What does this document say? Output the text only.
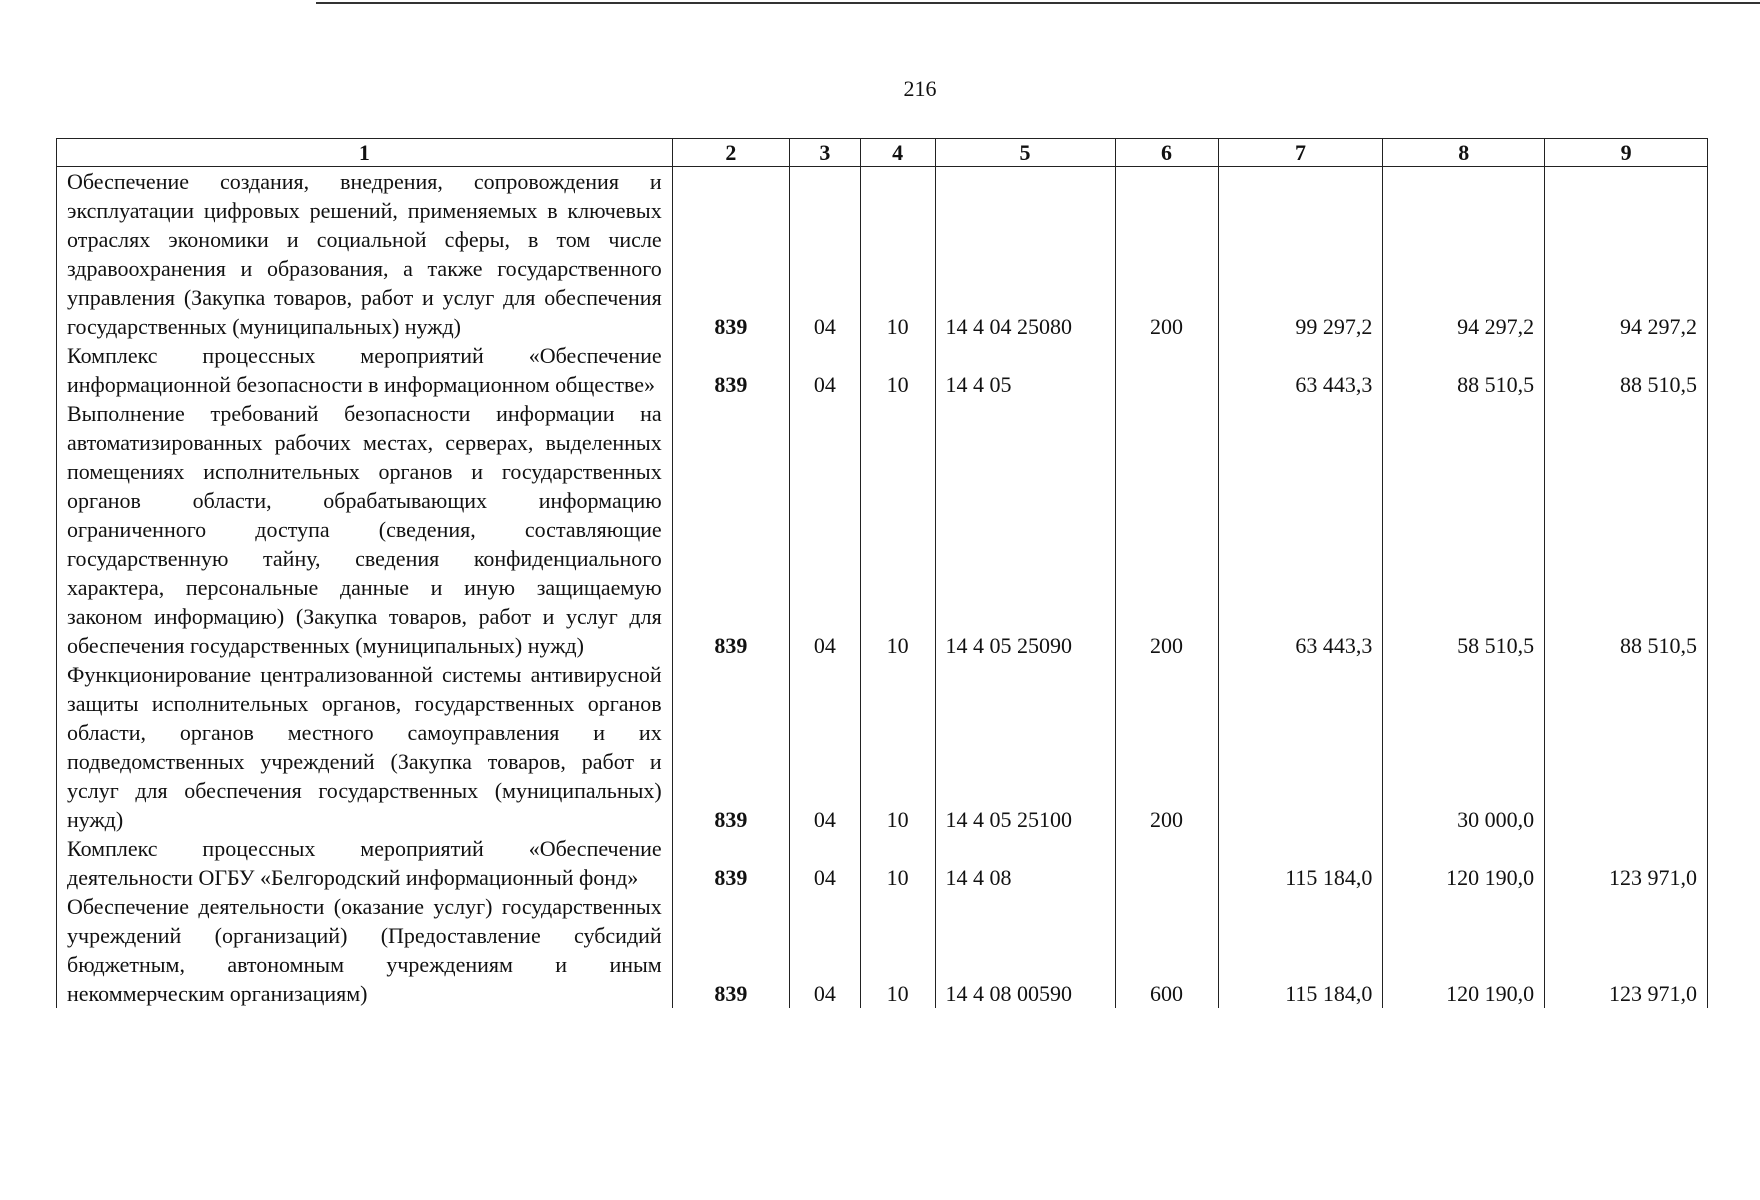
216
1	2	3	4	5	6	7	8	9
Обеспечение создания, внедрения, сопровождения и эксплуатации цифровых решений, применяемых в ключевых отраслях экономики и социальной сферы, в том числе здравоохранения и образования, а также государственного управления (Закупка товаров, работ и услуг для обеспечения государственных (муниципальных) нужд)	839	04	10	14 4 04 25080	200	99 297,2	94 297,2	94 297,2
Комплекс процессных мероприятий «Обеспечение информационной безопасности в информационном обществе»	839	04	10	14 4 05		63 443,3	88 510,5	88 510,5
Выполнение требований безопасности информации на автоматизированных рабочих местах, серверах, выделенных помещениях исполнительных органов и государственных органов области, обрабатывающих информацию ограниченного доступа (сведения, составляющие государственную тайну, сведения конфиденциального характера, персональные данные и иную защищаемую законом информацию) (Закупка товаров, работ и услуг для обеспечения государственных (муниципальных) нужд)	839	04	10	14 4 05 25090	200	63 443,3	58 510,5	88 510,5
Функционирование централизованной системы антивирусной защиты исполнительных органов, государственных органов области, органов местного самоуправления и их подведомственных учреждений (Закупка товаров, работ и услуг для обеспечения государственных (муниципальных) нужд)	839	04	10	14 4 05 25100	200		30 000,0	
Комплекс процессных мероприятий «Обеспечение деятельности ОГБУ «Белгородский информационный фонд»	839	04	10	14 4 08		115 184,0	120 190,0	123 971,0
Обеспечение деятельности (оказание услуг) государственных учреждений (организаций) (Предоставление субсидий бюджетным, автономным учреждениям и иным некоммерческим организациям)	839	04	10	14 4 08 00590	600	115 184,0	120 190,0	123 971,0
